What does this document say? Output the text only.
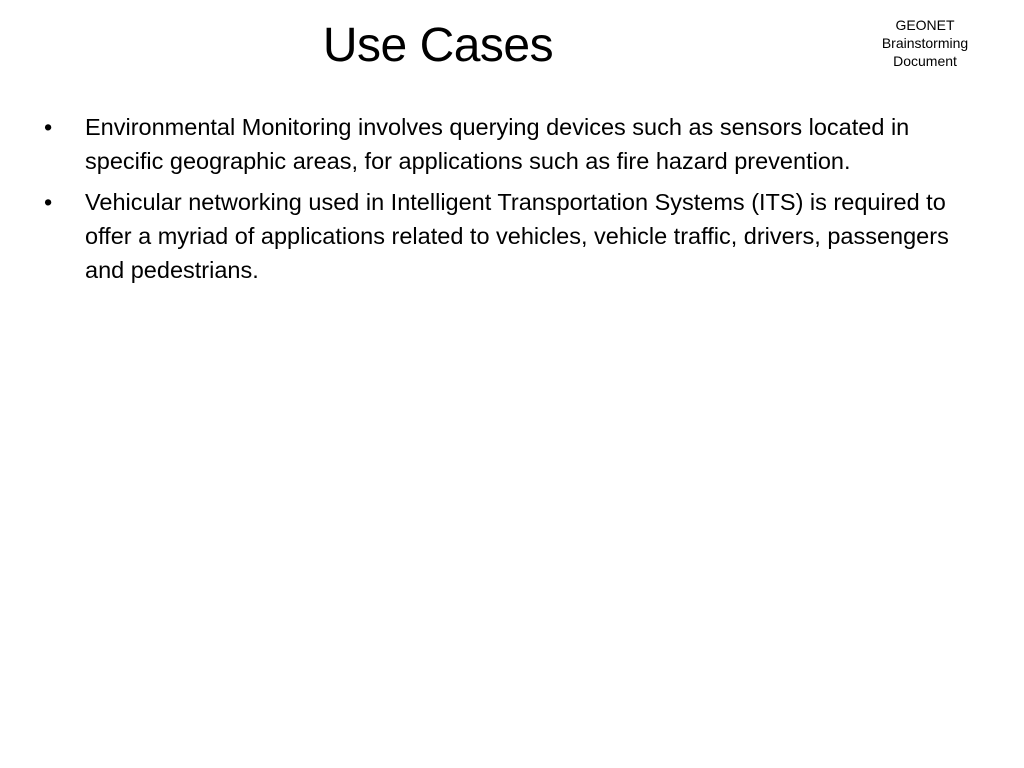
Use Cases	GEONET
Brainstorming
Document
•	Environmental Monitoring involves querying devices such as sensors located in specific geographic areas, for applications such as fire hazard prevention.
•	Vehicular networking used in Intelligent Transportation Systems (ITS) is required to offer a myriad of applications related to vehicles, vehicle traffic, drivers, passengers and pedestrians.
